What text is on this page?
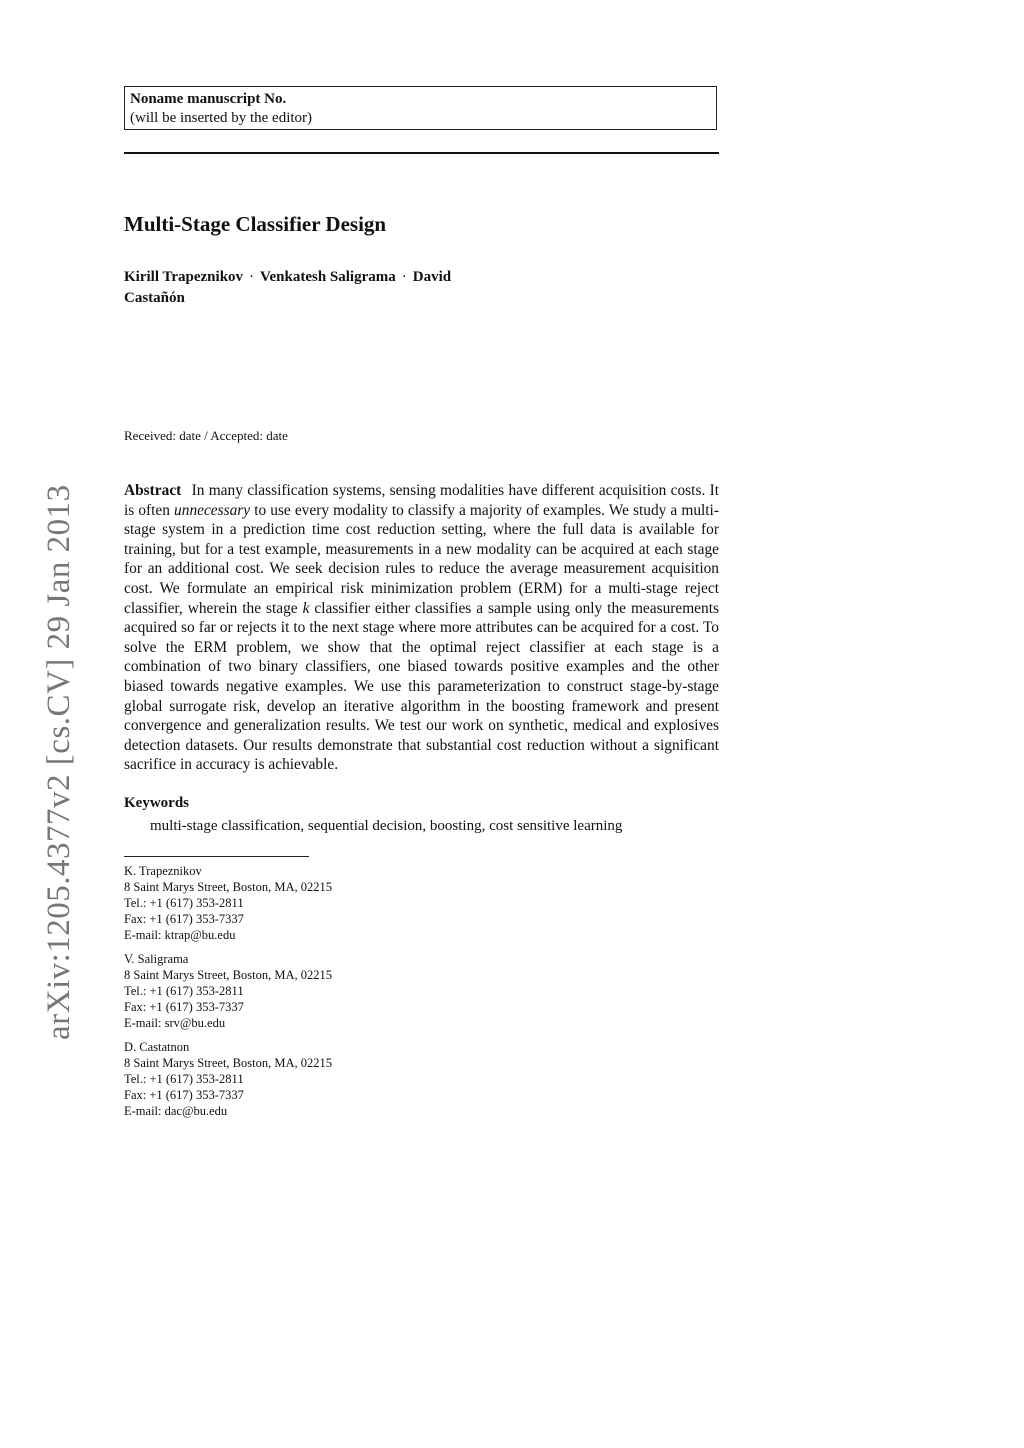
Noname manuscript No.
(will be inserted by the editor)
Multi-Stage Classifier Design
Kirill Trapeznikov · Venkatesh Saligrama · David
Castañón
Received: date / Accepted: date
arXiv:1205.4377v2 [cs.CV] 29 Jan 2013	Abstract In many classification systems, sensing modalities have different acquisition costs. It is often unnecessary to use every modality to classify a majority of examples. We study a multi-stage system in a prediction time cost reduction setting, where the full data is available for training, but for a test example, measurements in a new modality can be acquired at each stage for an additional cost. We seek decision rules to reduce the average measurement acquisition cost. We formulate an empirical risk minimization problem (ERM) for a multi-stage reject classifier, wherein the stage k classifier either classifies a sample using only the measurements acquired so far or rejects it to the next stage where more attributes can be acquired for a cost. To solve the ERM problem, we show that the optimal reject classifier at each stage is a combination of two binary classifiers, one biased towards positive examples and the other biased towards negative examples. We use this parameterization to construct stage-by-stage global surrogate risk, develop an iterative algorithm in the boosting framework and present convergence and generalization results. We test our work on synthetic, medical and explosives detection datasets. Our results demonstrate that substantial cost reduction without a significant sacrifice in accuracy is achievable.

Keywords
multi-stage classification, sequential decision, boosting, cost sensitive learning
K. Trapeznikov
8 Saint Marys Street, Boston, MA, 02215
Tel.: +1 (617) 353-2811
Fax: +1 (617) 353-7337
E-mail: ktrap@bu.edu
V. Saligrama
8 Saint Marys Street, Boston, MA, 02215
Tel.: +1 (617) 353-2811
Fax: +1 (617) 353-7337
E-mail: srv@bu.edu
D. Castatnon
8 Saint Marys Street, Boston, MA, 02215
Tel.: +1 (617) 353-2811
Fax: +1 (617) 353-7337
E-mail: dac@bu.edu
